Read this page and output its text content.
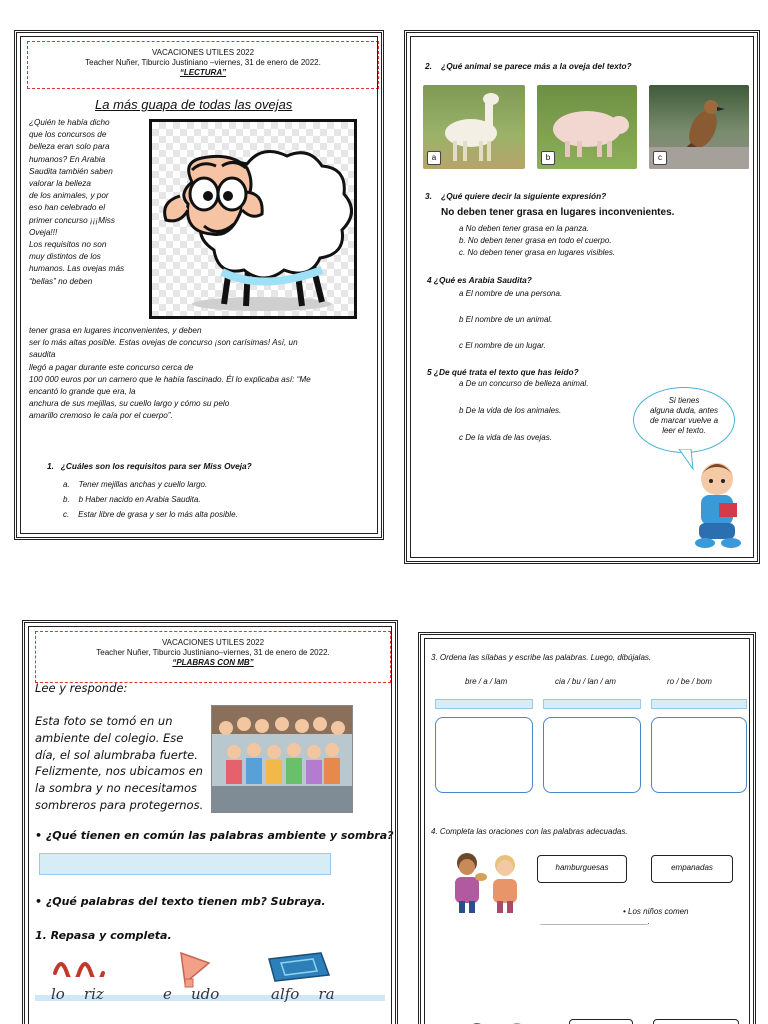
VACACIONES UTILES 2022
Teacher Nuñer, Tiburcio Justiniano –viernes, 31 de enero de 2022.
“LECTURA”
La más guapa de todas las ovejas
¿Quién te había dicho
que los concursos de
belleza eran solo para
humanos? En Arabia
Saudita también saben
valorar la belleza
de los animales, y por
eso han celebrado el
primer concurso ¡¡¡Miss
Oveja!!!
Los requisitos no son
muy distintos de los
humanos. Las ovejas más
“bellas” no deben
tener grasa en lugares inconvenientes, y deben
ser lo más altas posible. Estas ovejas de concurso ¡son carísimas! Así, un
saudita
llegó a pagar durante este concurso cerca de
100 000 euros por un carnero que le había fascinado. Él lo explicaba así: “Me
encantó lo grande que era, la
anchura de sus mejillas, su cuello largo y cómo su pelo
amarillo cremoso le caía por el cuerpo”.
1. ¿Cuáles son los requisitos para ser Miss Oveja?
a. Tener mejillas anchas y cuello largo.
b. b Haber nacido en Arabia Saudita.
c. Estar libre de grasa y ser lo más alta posible.
2. ¿Qué animal se parece más a la oveja del texto?
a	b	c
3. ¿Qué quiere decir la siguiente expresión?
No deben tener grasa en lugares inconvenientes.
a No deben tener grasa en la panza.
b. No deben tener grasa en todo el cuerpo.
c. No deben tener grasa en lugares visibles.
4 ¿Qué es Arabia Saudita?
a El nombre de una persona.
b El nombre de un animal.
c El nombre de un lugar.
5 ¿De qué trata el texto que has leído?
a De un concurso de belleza animal.
b De la vida de los animales.
c De la vida de las ovejas.
Si tienes
alguna duda, antes
de marcar vuelve a
leer el texto.
VACACIONES UTILES 2022
Teacher Nuñer, Tiburcio Justiniano–viernes, 31 de enero de 2022.
“PLABRAS CON MB”
Lee y responde:
Esta foto se tomó en un
ambiente del colegio. Ese
día, el sol alumbraba fuerte.
Felizmente, nos ubicamos en
la sombra y no necesitamos
sombreros para protegernos.
• ¿Qué tienen en común las palabras ambiente y sombra?
• ¿Qué palabras del texto tienen mb? Subraya.
1. Repasa y completa.
lo riz	e udo	alfo ra
3. Ordena las sílabas y escribe las palabras. Luego, dibújalas.
bre / a / lam	cia / bu / lan / am	ro / be / bom
4. Completa las oraciones con las palabras adecuadas.
hamburguesas	empanadas
• Los niños comen
________________________.
